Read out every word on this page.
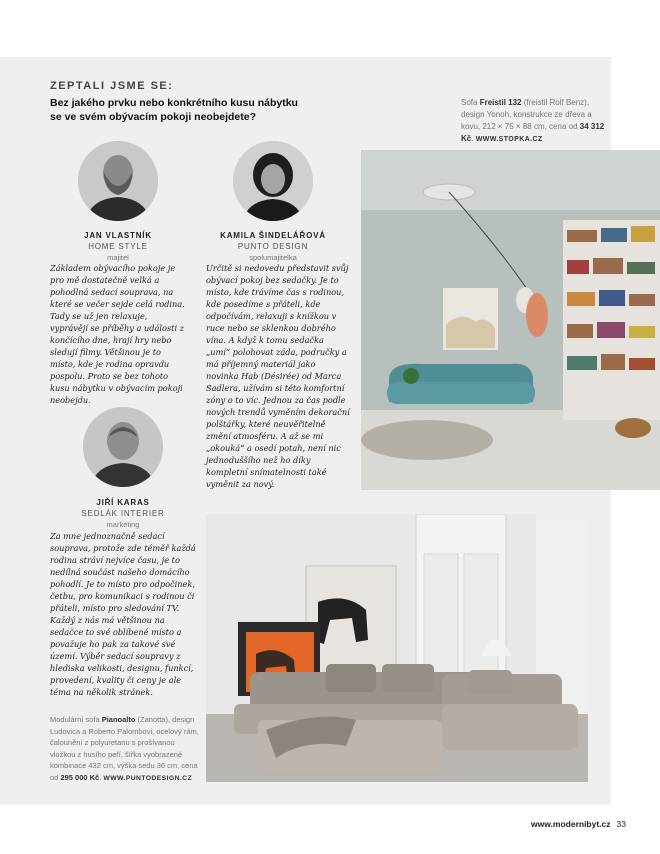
ZEPTALI JSME SE:
Bez jakého prvku nebo konkrétního kusu nábytku se ve svém obývacím pokoji neobejdete?
Sofa Freistil 132 (freistil Rolf Benz), design Yonoh, konstrukce ze dřeva a kovu, 212 × 75 × 88 cm, cena od 34 312 Kč. WWW.STOPKA.CZ
JAN VLASTNÍK
HOME STYLE
majitel
Základem obývacího pokoje je pro mě dostatečně velká a pohodlná sedací souprava, na které se večer sejde celá rodina. Tady se už jen relaxuje, vyprávějí se příběhy a události z končícího dne, hrají hry nebo sledují filmy. Většinou je to místo, kde je rodina opravdu pospolu. Proto se bez tohoto kusu nábytku v obývacím pokoji neobejdu.
KAMILA ŠINDELÁŘOVÁ
PUNTO DESIGN
spolumajitelka
Určitě si nedovedu představit svůj obývací pokoj bez sedačky. Je to místo, kde trávíme čas s rodinou, kde posedíme s přáteli, kde odpočívám, relaxuji s knížkou v ruce nebo se sklenkou dobrého vína. A když k tomu sedačka „umí“ polohovat záda, područky a má příjemný materiál jako novinka Hab (Désirée) od Marca Sadlera, užívám si této komfortní zóny o to víc. Jednou za čas podle nových trendů vyměním dekorační polštářky, které neuvěřitelně změní atmosféru. A až se mi „okouká“ a osedí potah, není nic jednoduššího než ho díky kompletní snímatelnosti také vyměnit za nový.
JIŘÍ KARAS
SEDLÁK INTERIER
marketing
Za mne jednoznačně sedací souprava, protože zde téměř každá rodina stráví nejvíce času, je to nedílná součást našeho domácího pohodlí. Je to místo pro odpočinek, četbu, pro komunikaci s rodinou či přáteli, místo pro sledování TV. Každý z nás má většinou na sedačce to své oblíbené místo a považuje ho pak za takové své území. Výběr sedací soupravy z hlediska velikosti, designu, funkcí, provedení, kvality či ceny je ale téma na několik stránek.
Modulární sofa Pianoalto (Zanotta), design Ludovica a Roberto Palombovi, ocelový rám, čalounění z polyuretanu s prošívanou vložkou z husího peří, šířka vyobrazené kombinace 432 cm, výška sedu 36 cm, cena od 295 000 Kč. WWW.PUNTODESIGN.CZ
www.modernibyt.cz 33
